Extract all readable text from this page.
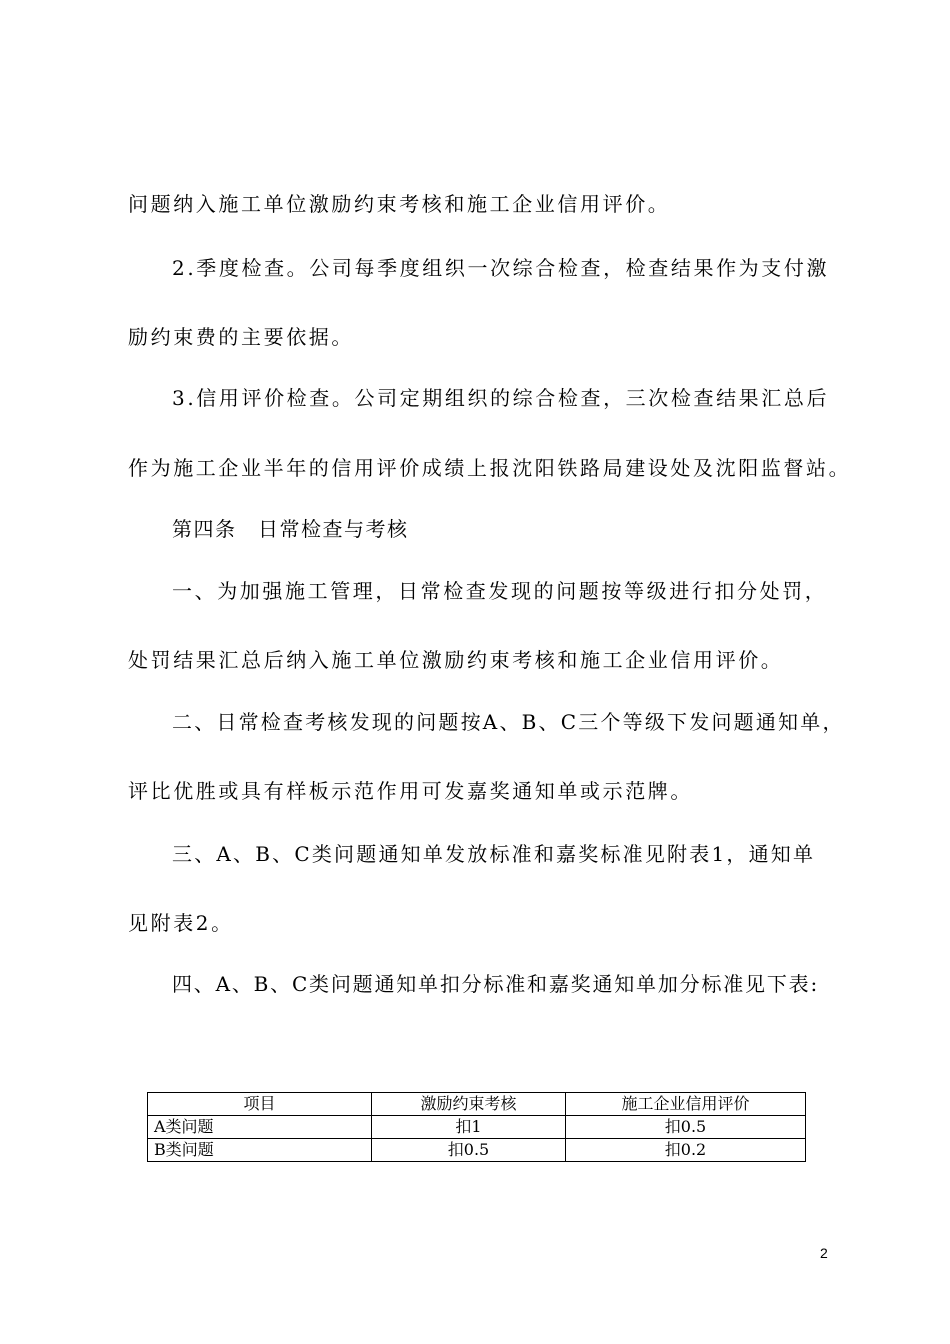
问题纳入施工单位激励约束考核和施工企业信用评价。

2.季度检查。公司每季度组织一次综合检查，检查结果作为支付激

励约束费的主要依据。

3.信用评价检查。公司定期组织的综合检查，三次检查结果汇总后

作为施工企业半年的信用评价成绩上报沈阳铁路局建设处及沈阳监督站。

第四条　日常检查与考核

一、为加强施工管理，日常检查发现的问题按等级进行扣分处罚，

处罚结果汇总后纳入施工单位激励约束考核和施工企业信用评价。

二、日常检查考核发现的问题按A、B、C三个等级下发问题通知单，

评比优胜或具有样板示范作用可发嘉奖通知单或示范牌。

三、A、B、C类问题通知单发放标准和嘉奖标准见附表1，通知单

见附表2。

四、A、B、C类问题通知单扣分标准和嘉奖通知单加分标准见下表:

项目	激励约束考核	施工企业信用评价
A类问题	扣1	扣0.5
B类问题	扣0.5	扣0.2
2
